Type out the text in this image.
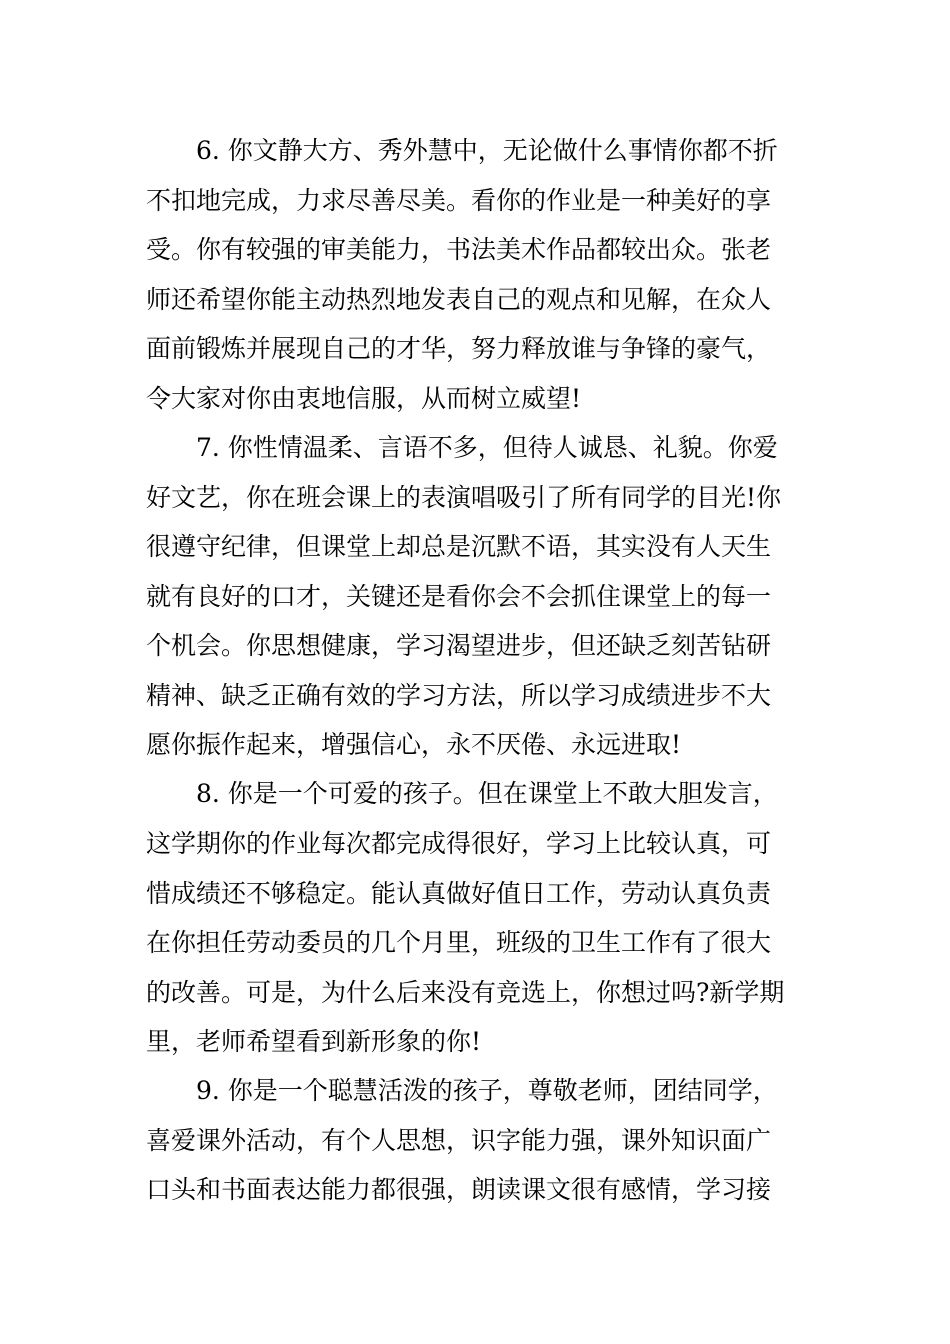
6. 你文静大方、秀外慧中，无论做什么事情你都不折
不扣地完成，力求尽善尽美。看你的作业是一种美好的享
受。你有较强的审美能力，书法美术作品都较出众。张老
师还希望你能主动热烈地发表自己的观点和见解，在众人
面前锻炼并展现自己的才华，努力释放谁与争锋的豪气，
令大家对你由衷地信服，从而树立威望!
7. 你性情温柔、言语不多，但待人诚恳、礼貌。你爱
好文艺，你在班会课上的表演唱吸引了所有同学的目光!你
很遵守纪律，但课堂上却总是沉默不语，其实没有人天生
就有良好的口才，关键还是看你会不会抓住课堂上的每一
个机会。你思想健康，学习渴望进步，但还缺乏刻苦钻研
精神、缺乏正确有效的学习方法，所以学习成绩进步不大
愿你振作起来，增强信心，永不厌倦、永远进取!
8. 你是一个可爱的孩子。但在课堂上不敢大胆发言，
这学期你的作业每次都完成得很好，学习上比较认真，可
惜成绩还不够稳定。能认真做好值日工作，劳动认真负责
在你担任劳动委员的几个月里，班级的卫生工作有了很大
的改善。可是，为什么后来没有竞选上，你想过吗?新学期
里，老师希望看到新形象的你!
9. 你是一个聪慧活泼的孩子，尊敬老师，团结同学，
喜爱课外活动，有个人思想，识字能力强，课外知识面广
口头和书面表达能力都很强，朗读课文很有感情，学习接
